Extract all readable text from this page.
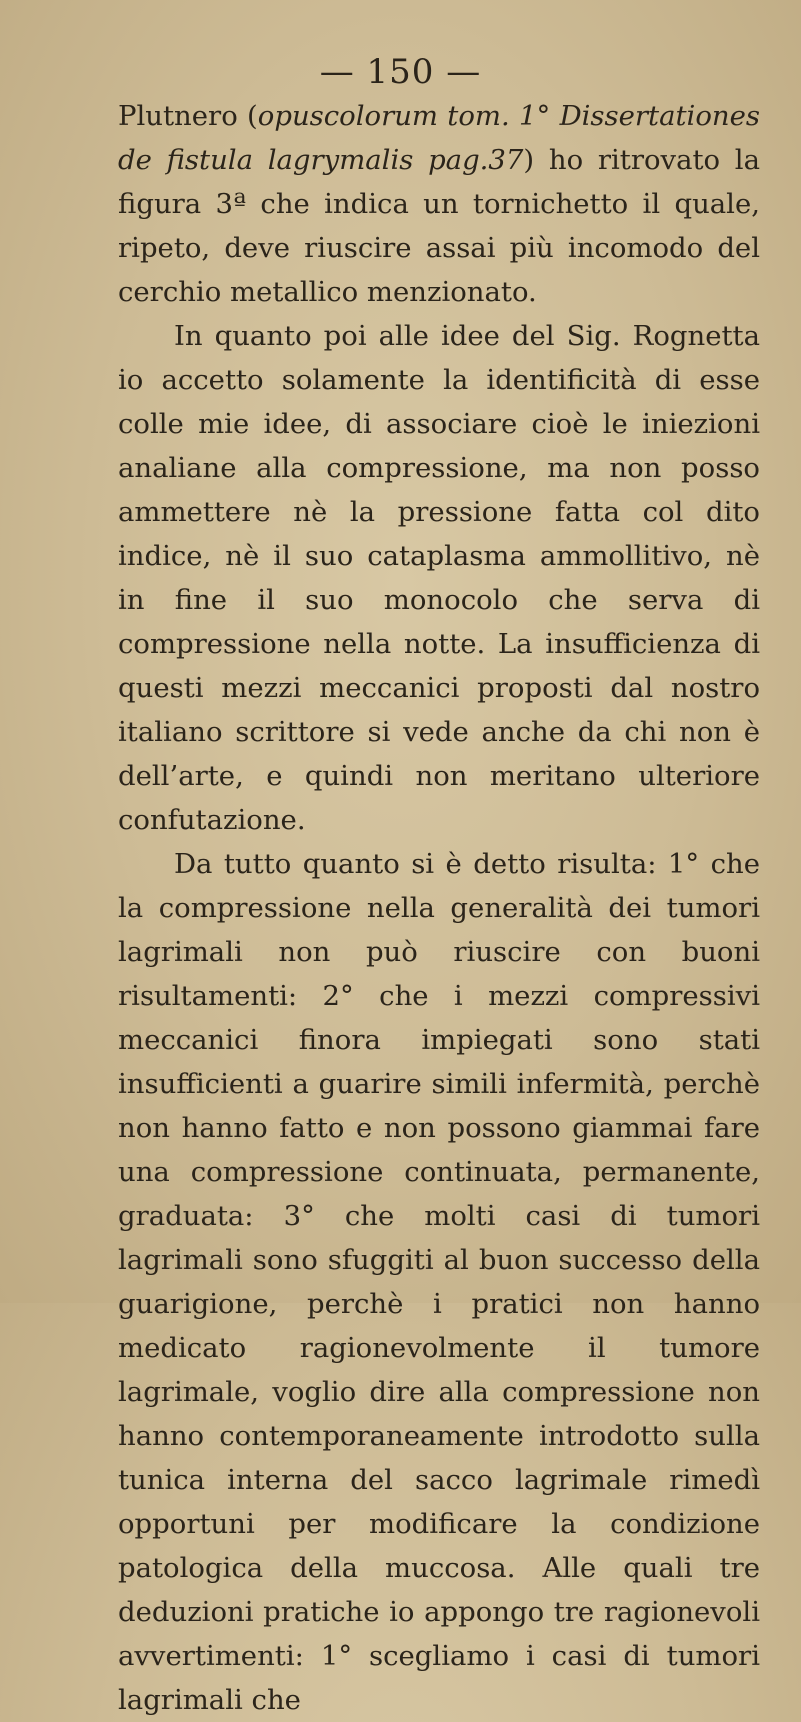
— 150 —

Plutnero (opuscolorum tom. 1° Dissertationes de fistula lagrymalis pag.37) ho ritrovato la figura 3ª che indica un tornichetto il quale, ripeto, deve riuscire assai più incomodo del cerchio metallico menzionato.

In quanto poi alle idee del Sig. Rognetta io accetto solamente la identificità di esse colle mie idee, di associare cioè le iniezioni analiane alla compressione, ma non posso ammettere nè la pressione fatta col dito indice, nè il suo cataplasma ammollitivo, nè in fine il suo monocolo che serva di compressione nella notte. La insufficienza di questi mezzi meccanici proposti dal nostro italiano scrittore si vede anche da chi non è dell’arte, e quindi non meritano ulteriore confutazione.

Da tutto quanto si è detto risulta: 1° che la compressione nella generalità dei tumori lagrimali non può riuscire con buoni risultamenti: 2° che i mezzi compressivi meccanici finora impiegati sono stati insufficienti a guarire simili infermità, perchè non hanno fatto e non possono giammai fare una compressione continuata, permanente, graduata: 3° che molti casi di tumori lagrimali sono sfuggiti al buon successo della guarigione, perchè i pratici non hanno medicato ragionevolmente il tumore lagrimale, voglio dire alla compressione non hanno contemporaneamente introdotto sulla tunica interna del sacco lagrimale rimedì opportuni per modificare la condizione patologica della muccosa. Alle quali tre deduzioni pratiche io appongo tre ragionevoli avvertimenti: 1° scegliamo i casi di tumori lagrimali che
